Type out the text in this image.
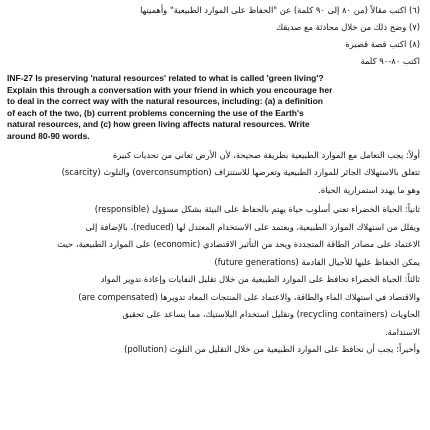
(٦) اكتب مقالاً (من ٨٠ إلى ٩٠ كلمة) عن "الحفاظ على الموارد الطبيعية" وأهميتها
(٧) وضح ذلك من خلال محادثة مع صديقك
(٨) اكتب قصة قصيرة
اكتب ٨٠-٩٠ كلمة
INF-27 Is preserving 'natural resources' related to what is called 'green living'?
Explain this through a conversation with your friend in which you encourage her
to deal in the correct way with the natural resources, including: (a) a definition
of each of the two, (b) current problems concerning the use of the Earth's
natural resources, and (c) how green living affects natural resources. Write
around 80-90 words.
أولاً: يجب التعامل مع الموارد الطبيعية بطريقة صحيحة، لأن الأرض تعاني من تحديات كبيرة
تتعلق بالاستهلاك الجائر للموارد الطبيعية وتعرضها للاستنزاف (overconsumption) والتلوث (scarcity)
وهو ما يهدد استمرارية الحياة.
ثانياً: الحياة الخضراء تعني أسلوب حياة يهتم بالحفاظ على البيئة بشكل مسؤول (responsible)
ويقلل من استهلاك الموارد الطبيعية، ويعتمد على الاستخدام المعتدل لها (reduced)، بالإضافة إلى
الاعتماد على مصادر الطاقة المتجددة ويحد من التأثير الاقتصادي (economic) على الموارد الطبيعية، حيث
يمكن الحفاظ عليها للأجيال القادمة (future generations)
ثالثاً: الحياة الخضراء تحافظ على الموارد الطبيعية من خلال تقليل النفايات وإعادة تدوير المواد
والاقتصاد في استهلاك الماء والطاقة، والاعتماد على المنتجات المعاد تدويرها (are compensated)
الحاويات (recycling containers) وتقليل استخدام البلاستيك، مما يساعد على تحقيق
الاستدامة.
وأخيراً: يجب أن نحافظ على الموارد الطبيعية من خلال التقليل من التلوث (pollution)
